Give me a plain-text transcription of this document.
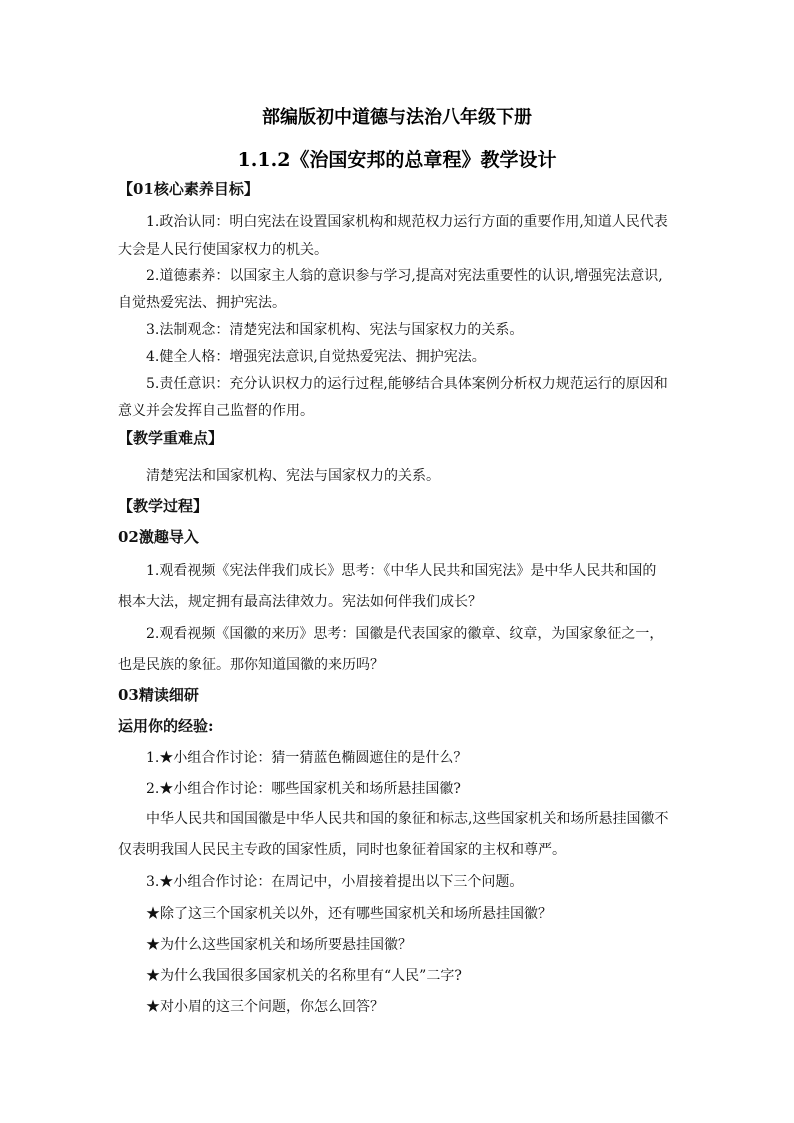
部编版初中道德与法治八年级下册
1.1.2《治国安邦的总章程》教学设计
【01核心素养目标】
1.政治认同：明白宪法在设置国家机构和规范权力运行方面的重要作用,知道人民代表
大会是人民行使国家权力的机关。
2.道德素养：以国家主人翁的意识参与学习,提高对宪法重要性的认识,增强宪法意识,
自觉热爱宪法、拥护宪法。
3.法制观念：清楚宪法和国家机构、宪法与国家权力的关系。
4.健全人格：增强宪法意识,自觉热爱宪法、拥护宪法。
5.责任意识：充分认识权力的运行过程,能够结合具体案例分析权力规范运行的原因和
意义并会发挥自己监督的作用。
【教学重难点】
清楚宪法和国家机构、宪法与国家权力的关系。
【教学过程】
02激趣导入
1.观看视频《宪法伴我们成长》思考：《中华人民共和国宪法》是中华人民共和国的
根本大法，规定拥有最高法律效力。宪法如何伴我们成长？
2.观看视频《国徽的来历》思考：国徽是代表国家的徽章、纹章，为国家象征之一，
也是民族的象征。那你知道国徽的来历吗？
03精读细研
运用你的经验:
1.★小组合作讨论：猜一猜蓝色椭圆遮住的是什么？
2.★小组合作讨论：哪些国家机关和场所悬挂国徽?
中华人民共和国国徽是中华人民共和国的象征和标志,这些国家机关和场所悬挂国徽不
仅表明我国人民民主专政的国家性质，同时也象征着国家的主权和尊严。
3.★小组合作讨论：在周记中，小眉接着提出以下三个问题。
★除了这三个国家机关以外，还有哪些国家机关和场所悬挂国徽？
★为什么这些国家机关和场所要悬挂国徽？
★为什么我国很多国家机关的名称里有“人民”二字?
★对小眉的这三个问题，你怎么回答？
